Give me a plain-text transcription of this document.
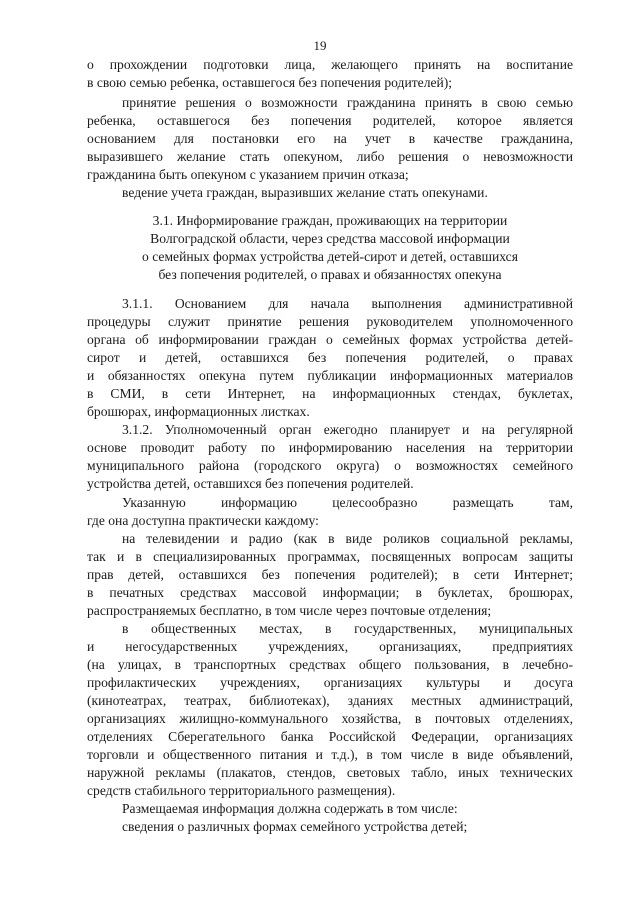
19
о прохождении подготовки лица, желающего принять на воспитание
в свою семью ребенка, оставшегося без попечения родителей);
принятие решения о возможности гражданина принять в свою семью
ребенка, оставшегося без попечения родителей, которое является
основанием для постановки его на учет в качестве гражданина,
выразившего желание стать опекуном, либо решения о невозможности
гражданина быть опекуном с указанием причин отказа;
ведение учета граждан, выразивших желание стать опекунами.
3.1. Информирование граждан, проживающих на территории
Волгоградской области, через средства массовой информации
о семейных формах устройства детей-сирот и детей, оставшихся
без попечения родителей, о правах и обязанностях опекуна
3.1.1. Основанием для начала выполнения административной
процедуры служит принятие решения руководителем уполномоченного
органа об информировании граждан о семейных формах устройства детей-
сирот и детей, оставшихся без попечения родителей, о правах
и обязанностях опекуна путем публикации информационных материалов
в СМИ, в сети Интернет, на информационных стендах, буклетах,
брошюрах, информационных листках.
3.1.2. Уполномоченный орган ежегодно планирует и на регулярной
основе проводит работу по информированию населения на территории
муниципального района (городского округа) о возможностях семейного
устройства детей, оставшихся без попечения родителей.
Указанную информацию целесообразно размещать там,
где она доступна практически каждому:
на телевидении и радио (как в виде роликов социальной рекламы,
так и в специализированных программах, посвященных вопросам защиты
прав детей, оставшихся без попечения родителей); в сети Интернет;
в печатных средствах массовой информации; в буклетах, брошюрах,
распространяемых бесплатно, в том числе через почтовые отделения;
в общественных местах, в государственных, муниципальных
и негосударственных учреждениях, организациях, предприятиях
(на улицах, в транспортных средствах общего пользования, в лечебно-
профилактических учреждениях, организациях культуры и досуга
(кинотеатрах, театрах, библиотеках), зданиях местных администраций,
организациях жилищно-коммунального хозяйства, в почтовых отделениях,
отделениях Сберегательного банка Российской Федерации, организациях
торговли и общественного питания и т.д.), в том числе в виде объявлений,
наружной рекламы (плакатов, стендов, световых табло, иных технических
средств стабильного территориального размещения).
Размещаемая информация должна содержать в том числе:
сведения о различных формах семейного устройства детей;
